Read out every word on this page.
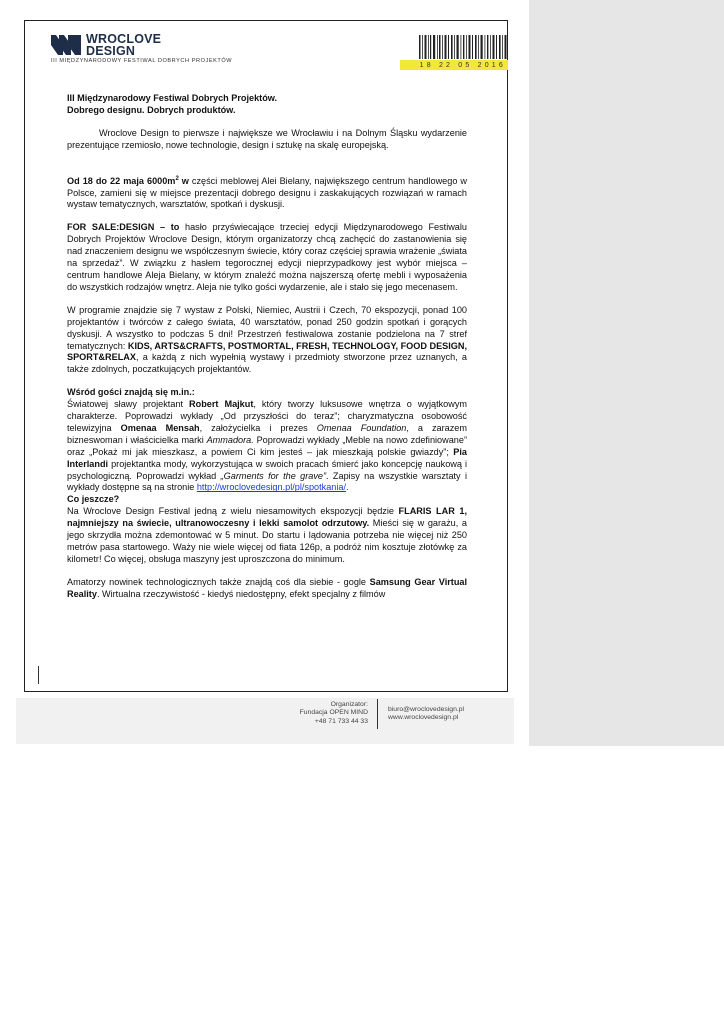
WROCLOVE
DESIGN
III MIĘDZYNARODOWY FESTIWAL DOBRYCH PROJEKTÓW
18 22 05 2016
III Międzynarodowy Festiwal Dobrych Projektów.
Dobrego designu. Dobrych produktów.

Wroclove Design to pierwsze i największe we Wrocławiu i na Dolnym Śląsku wydarzenie prezentujące rzemiosło, nowe technologie, design i sztukę na skalę europejską.

Od 18 do 22 maja $6000m^2$ w części meblowej Alei Bielany, największego centrum handlowego w Polsce, zamieni się w miejsce prezentacji dobrego designu i zaskakujących rozwiązań w ramach wystaw tematycznych, warsztatów, spotkań i dyskusji.

FOR SALE:DESIGN – to hasło przyświecające trzeciej edycji Międzynarodowego Festiwalu Dobrych Projektów Wroclove Design, którym organizatorzy chcą zachęcić do zastanowienia się nad znaczeniem designu we współczesnym świecie, który coraz częściej sprawia wrażenie „świata na sprzedaż”. W związku z hasłem tegorocznej edycji nieprzypadkowy jest wybór miejsca – centrum handlowe Aleja Bielany, w którym znaleźć można najszerszą ofertę mebli i wyposażenia do wszystkich rodzajów wnętrz. Aleja nie tylko gości wydarzenie, ale i stało się jego mecenasem.

W programie znajdzie się 7 wystaw z Polski, Niemiec, Austrii i Czech, 70 ekspozycji, ponad 100 projektantów i twórców z całego świata, 40 warsztatów, ponad 250 godzin spotkań i gorących dyskusji. A wszystko to podczas 5 dni! Przestrzeń festiwalowa zostanie podzielona na 7 stref tematycznych: KIDS, ARTS&CRAFTS, POSTMORTAL, FRESH, TECHNOLOGY, FOOD DESIGN, SPORT&RELAX, a każdą z nich wypełnią wystawy i przedmioty stworzone przez uznanych, a także zdolnych, poczatkujących projektantów.

Wśród gości znajdą się m.in.:

Światowej sławy projektant Robert Majkut, który tworzy luksusowe wnętrza o wyjątkowym charakterze. Poprowadzi wykłady „Od przyszłości do teraz”; charyzmatyczna osobowość telewizyjna Omenaa Mensah, założycielka i prezes Omenaa Foundation, a zarazem bizneswoman i właścicielka marki Ammadora. Poprowadzi wykłady „Meble na nowo zdefiniowane” oraz „Pokaż mi jak mieszkasz, a powiem Ci kim jesteś – jak mieszkają polskie gwiazdy”; Pia Interlandi projektantka mody, wykorzystująca w swoich pracach śmierć jako koncepcję naukową i psychologiczną. Poprowadzi wykład „Garments for the grave”. Zapisy na wszystkie warsztaty i wykłady dostępne są na stronie http://wroclovedesign.pl/pl/spotkania/.

Co jeszcze?

Na Wroclove Design Festival jedną z wielu niesamowitych ekspozycji będzie FLARIS LAR 1, najmniejszy na świecie, ultranowoczesny i lekki samolot odrzutowy. Mieści się w garażu, a jego skrzydła można zdemontować w 5 minut. Do startu i lądowania potrzeba nie więcej niż 250 metrów pasa startowego. Waży nie wiele więcej od fiata 126p, a podróż nim kosztuje złotówkę za kilometr! Co więcej, obsługa maszyny jest uproszczona do minimum.

Amatorzy nowinek technologicznych także znajdą coś dla siebie - gogle Samsung Gear Virtual Reality. Wirtualna rzeczywistość - kiedyś niedostępny, efekt specjalny z filmów

Organizator:
Fundacja OPEN MIND
+48 71 733 44 33
biuro@wroclovedesign.pl
www.wroclovedesign.pl
